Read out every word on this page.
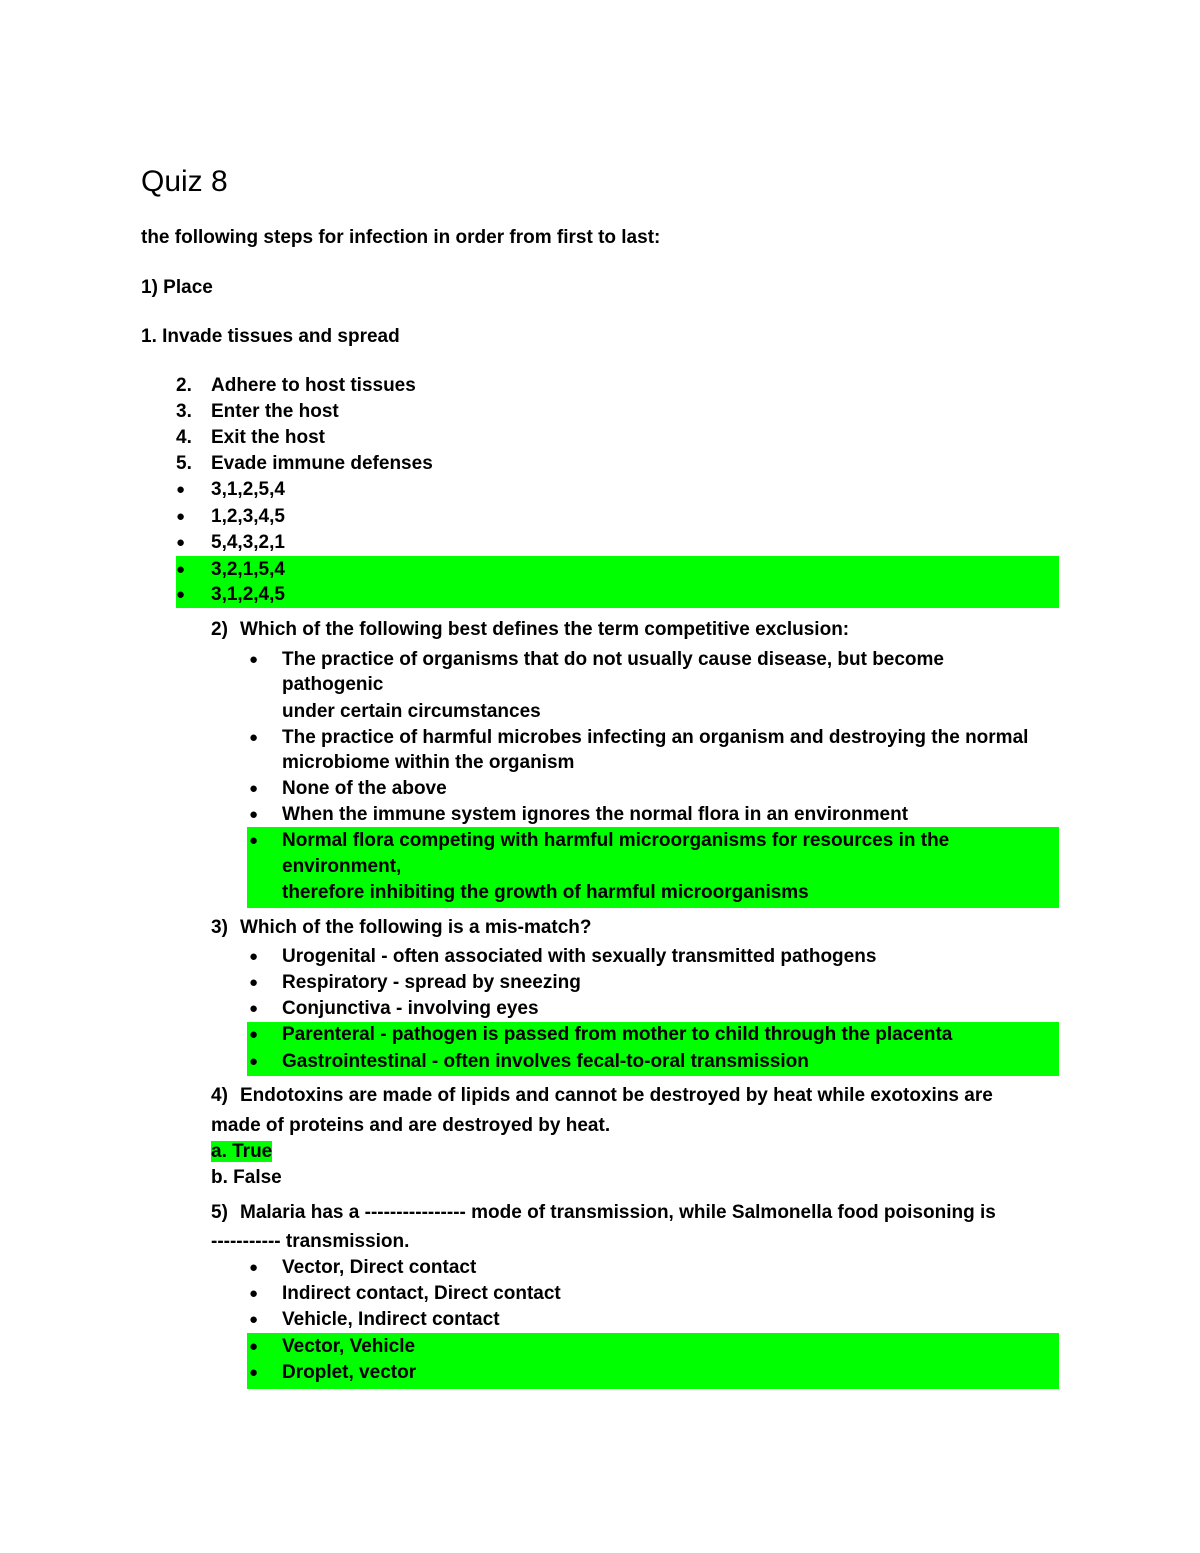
Quiz 8
the following steps for infection in order from first to last:
1) Place
1. Invade tissues and spread
2. Adhere to host tissues
3. Enter the host
4. Exit the host
5. Evade immune defenses
● 3,1,2,5,4
● 1,2,3,4,5
● 5,4,3,2,1
● 3,2,1,5,4
● 3,1,2,4,5
2) Which of the following best defines the term competitive exclusion:
● The practice of organisms that do not usually cause disease, but become
pathogenic
under certain circumstances
● The practice of harmful microbes infecting an organism and destroying the normal
microbiome within the organism
● None of the above
● When the immune system ignores the normal flora in an environment
● Normal flora competing with harmful microorganisms for resources in the
environment,
therefore inhibiting the growth of harmful microorganisms
3) Which of the following is a mis-match?
● Urogenital - often associated with sexually transmitted pathogens
● Respiratory - spread by sneezing
● Conjunctiva - involving eyes
● Parenteral - pathogen is passed from mother to child through the placenta
● Gastrointestinal - often involves fecal-to-oral transmission
4) Endotoxins are made of lipids and cannot be destroyed by heat while exotoxins are
made of proteins and are destroyed by heat.
a. True
b. False
5) Malaria has a ---------------- mode of transmission, while Salmonella food poisoning is
----------- transmission.
● Vector, Direct contact
● Indirect contact, Direct contact
● Vehicle, Indirect contact
● Vector, Vehicle
● Droplet, vector
